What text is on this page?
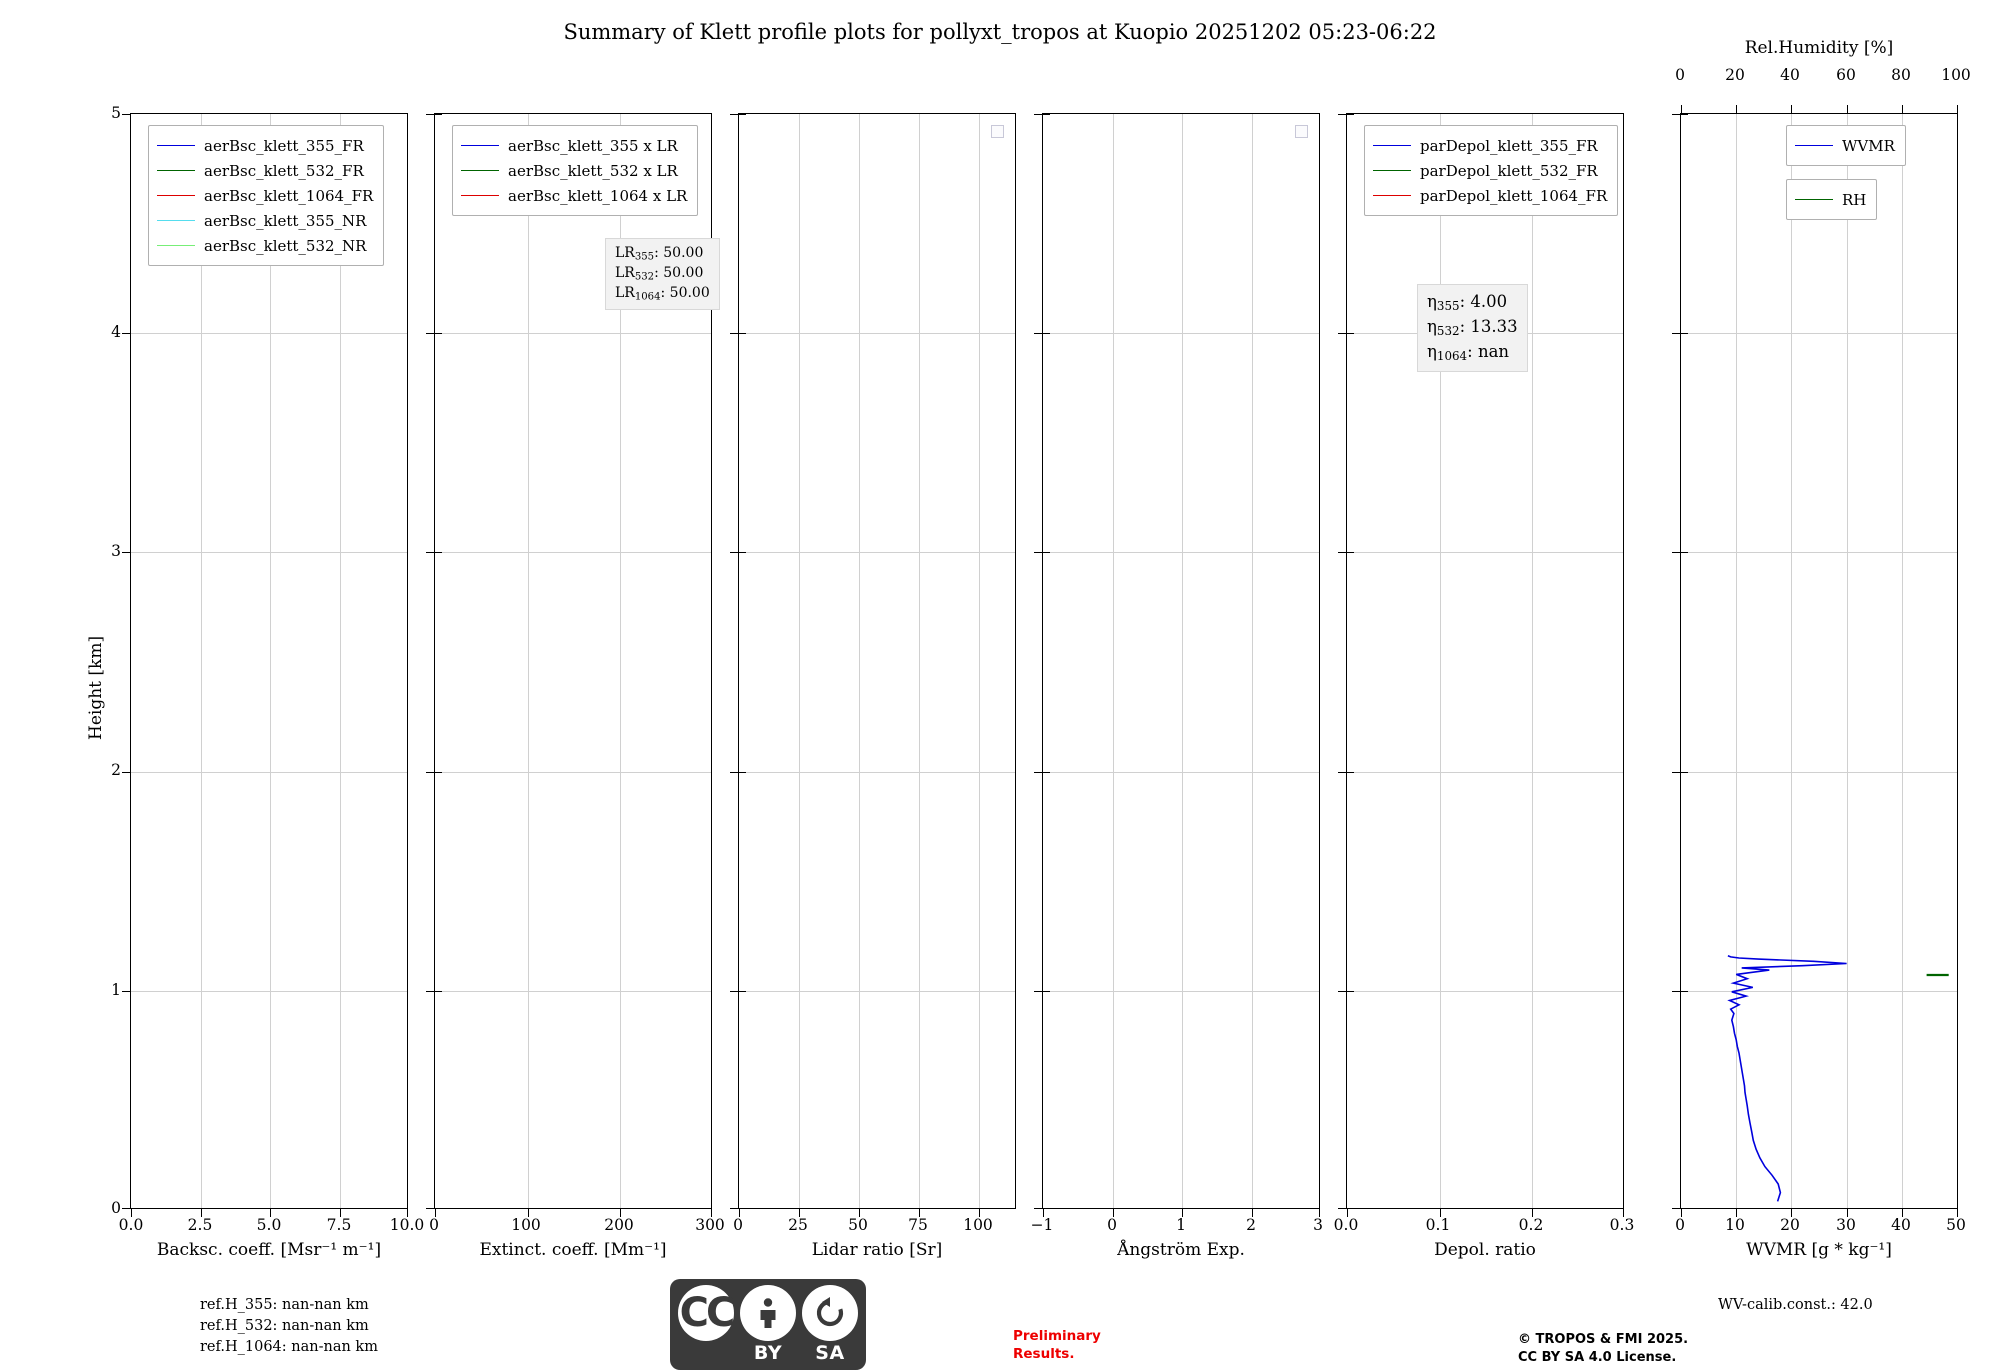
Summary of Klett profile plots for pollyxt_tropos at Kuopio 20251202 05:23-06:22
Height [km]
aerBsc_klett_355_FR
aerBsc_klett_532_FR
aerBsc_klett_1064_FR
aerBsc_klett_355_NR
aerBsc_klett_532_NR
5
4
3
2
1
0
0.0	2.5	5.0	7.5 10.0
Backsc. coeff. [Msr⁻¹ m⁻¹]
aerBsc_klett_355 x LR
aerBsc_klett_532 x LR
aerBsc_klett_1064 x LR
$LR_{355}$: 50.00
$LR_{532}$: 50.00
$LR_{1064}$: 50.00
0	100	200	300
Extinct. coeff. [Mm⁻¹]
0	25	50	75 100
Lidar ratio [Sr]
−1	0	1	2	3
Ångström Exp.
parDepol_klett_355_FR
parDepol_klett_532_FR
parDepol_klett_1064_FR
$\eta_{355}$: 4.00
$\eta_{532}$: 13.33
$\eta_{1064}$: nan
0.0	0.1	0.2	0.3
Depol. ratio
WVMR
RH
0	10 20 30 40 50
WVMR [g * kg⁻¹]
Rel.Humidity [%]
0	20 40 60 80 100
ref.H_355: nan-nan km
ref.H_532: nan-nan km
ref.H_1064: nan-nan km
WV-calib.const.: 42.0
CC
BY SA
Preliminary
Results.
© TROPOS & FMI 2025.
CC BY SA 4.0 License.
